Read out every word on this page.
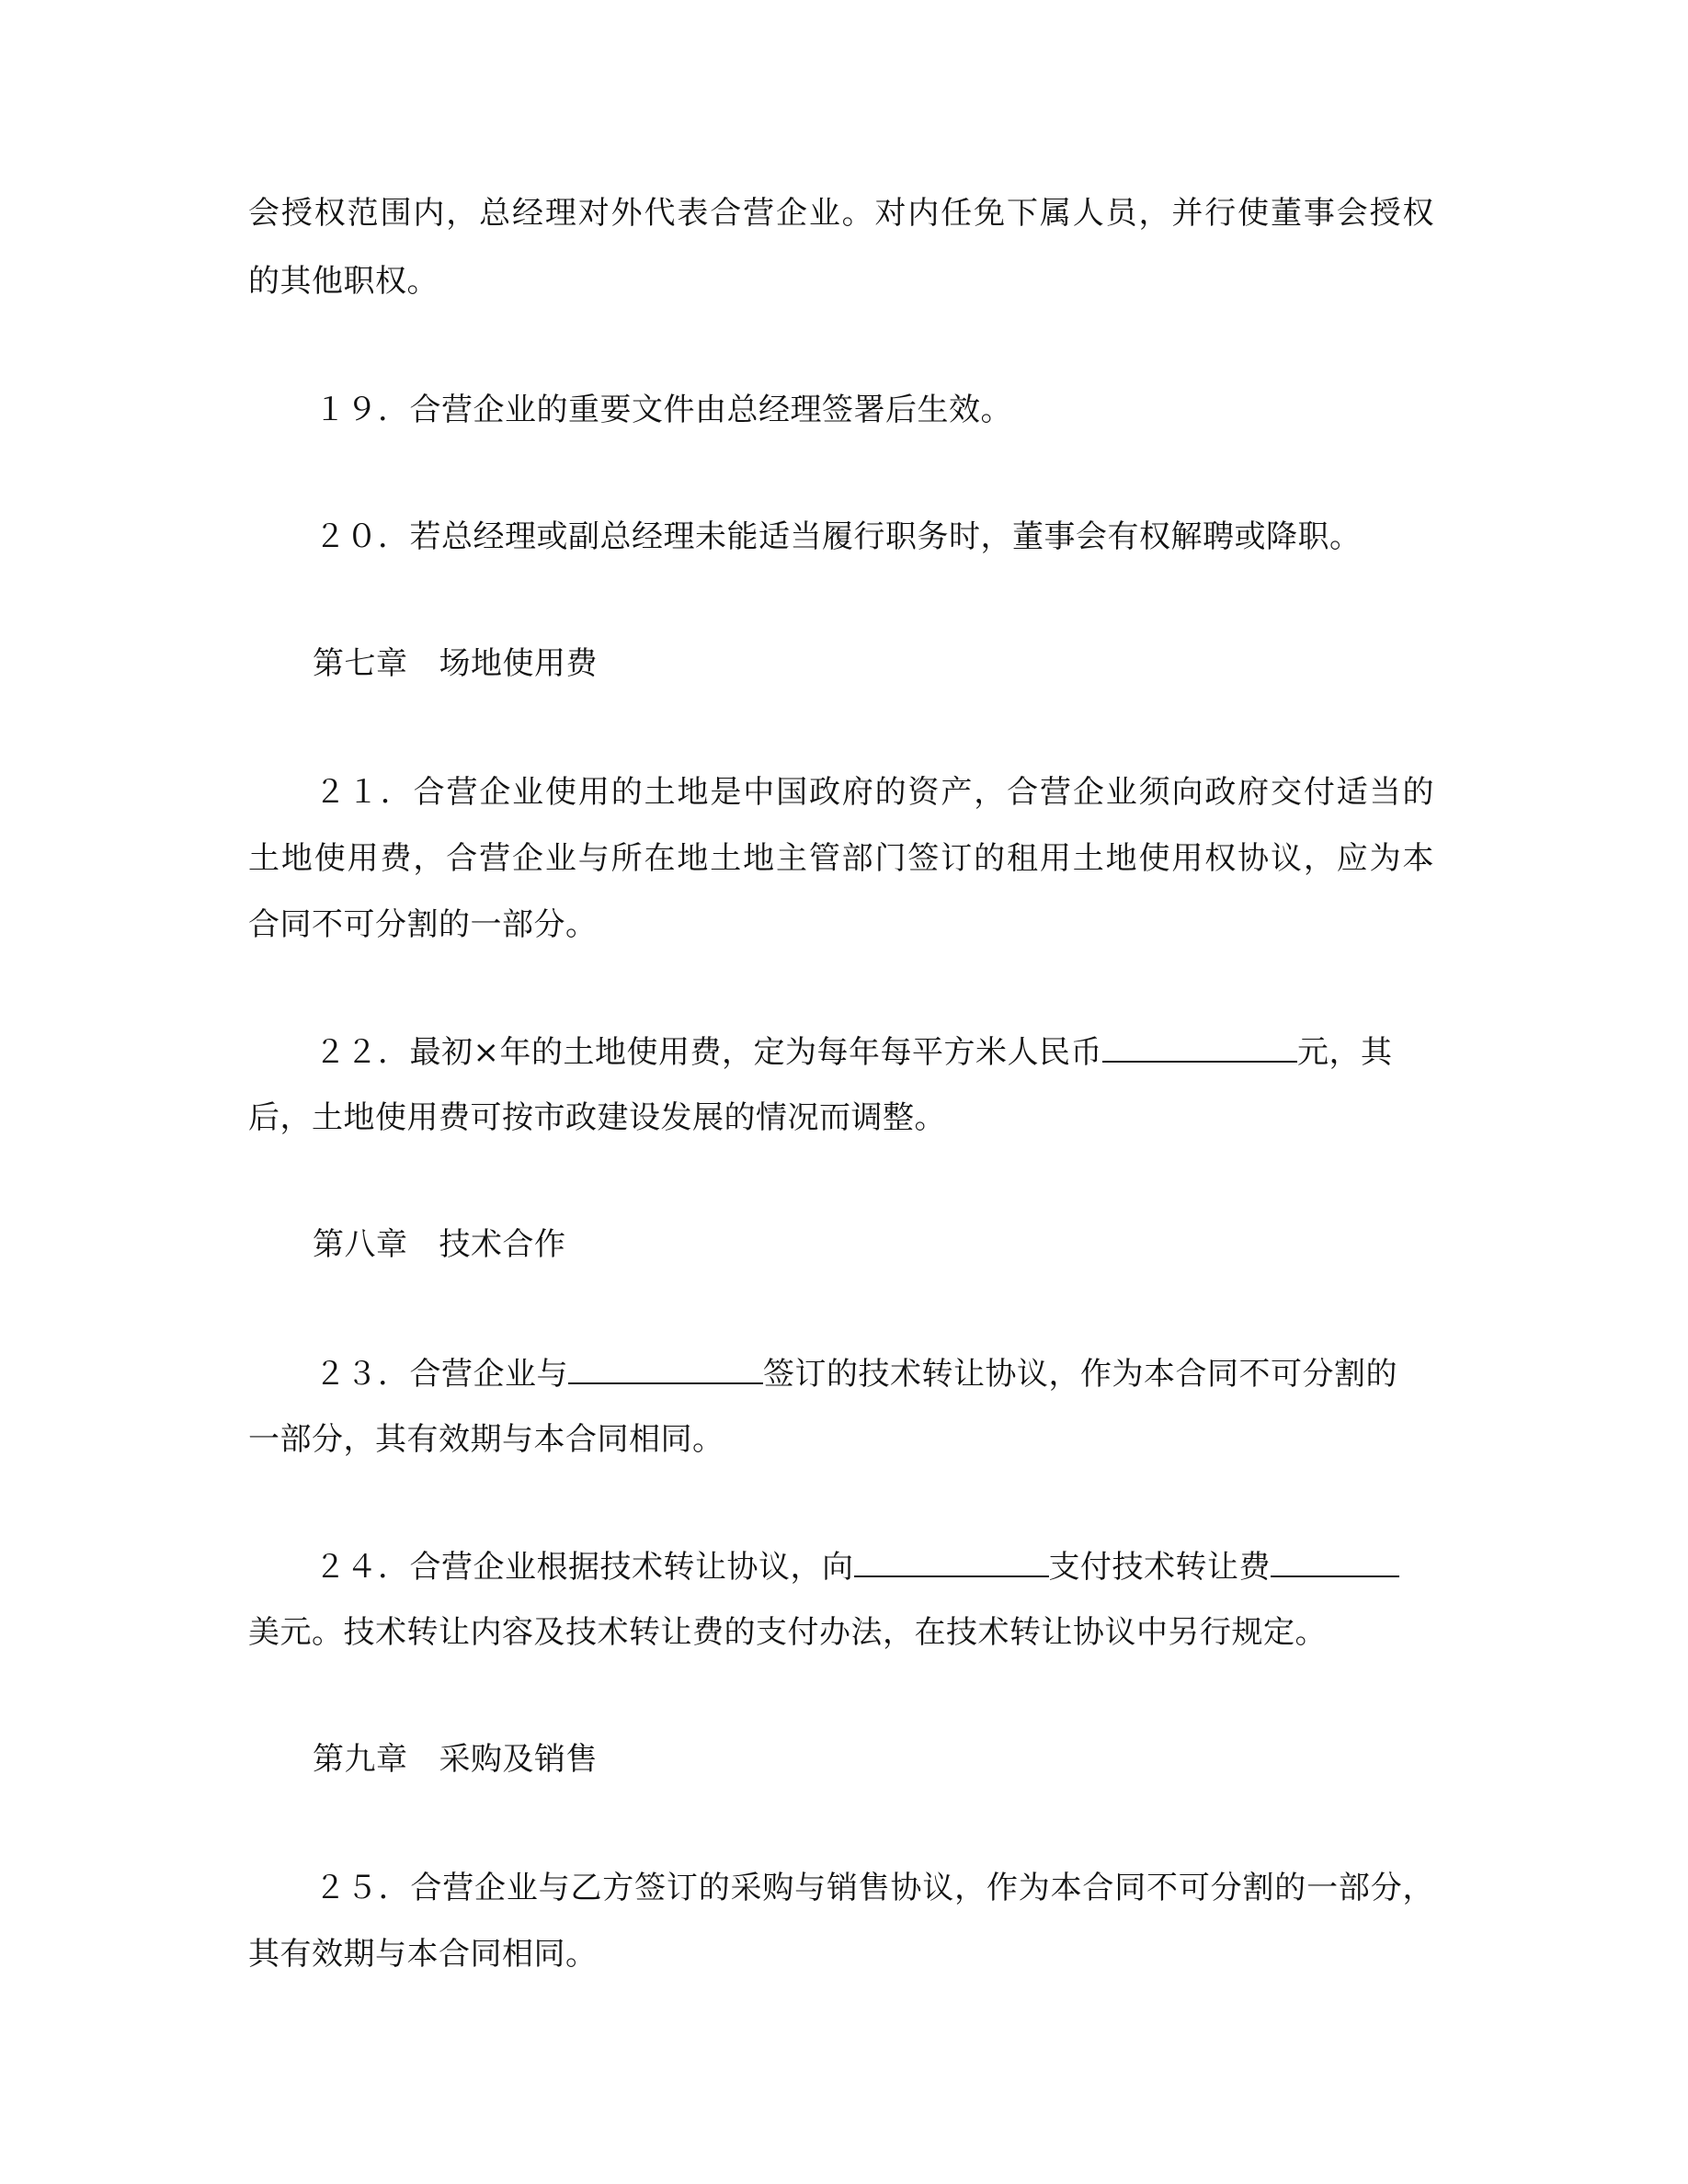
会授权范围内，总经理对外代表合营企业。对内任免下属人员，并行使董事会授权
的其他职权。
１９．合营企业的重要文件由总经理签署后生效。
２０．若总经理或副总经理未能适当履行职务时，董事会有权解聘或降职。
第七章 场地使用费
２１．合营企业使用的土地是中国政府的资产，合营企业须向政府交付适当的
土地使用费，合营企业与所在地土地主管部门签订的租用土地使用权协议，应为本
合同不可分割的一部分。
２２．最初×年的土地使用费，定为每年每平方米人民币	元，其
后，土地使用费可按市政建设发展的情况而调整。
第八章 技术合作
２３．合营企业与	签订的技术转让协议，作为本合同不可分割的
一部分，其有效期与本合同相同。
２４．合营企业根据技术转让协议，向	支付技术转让费
美元。技术转让内容及技术转让费的支付办法，在技术转让协议中另行规定。
第九章 采购及销售
２５．合营企业与乙方签订的采购与销售协议，作为本合同不可分割的一部分，
其有效期与本合同相同。
